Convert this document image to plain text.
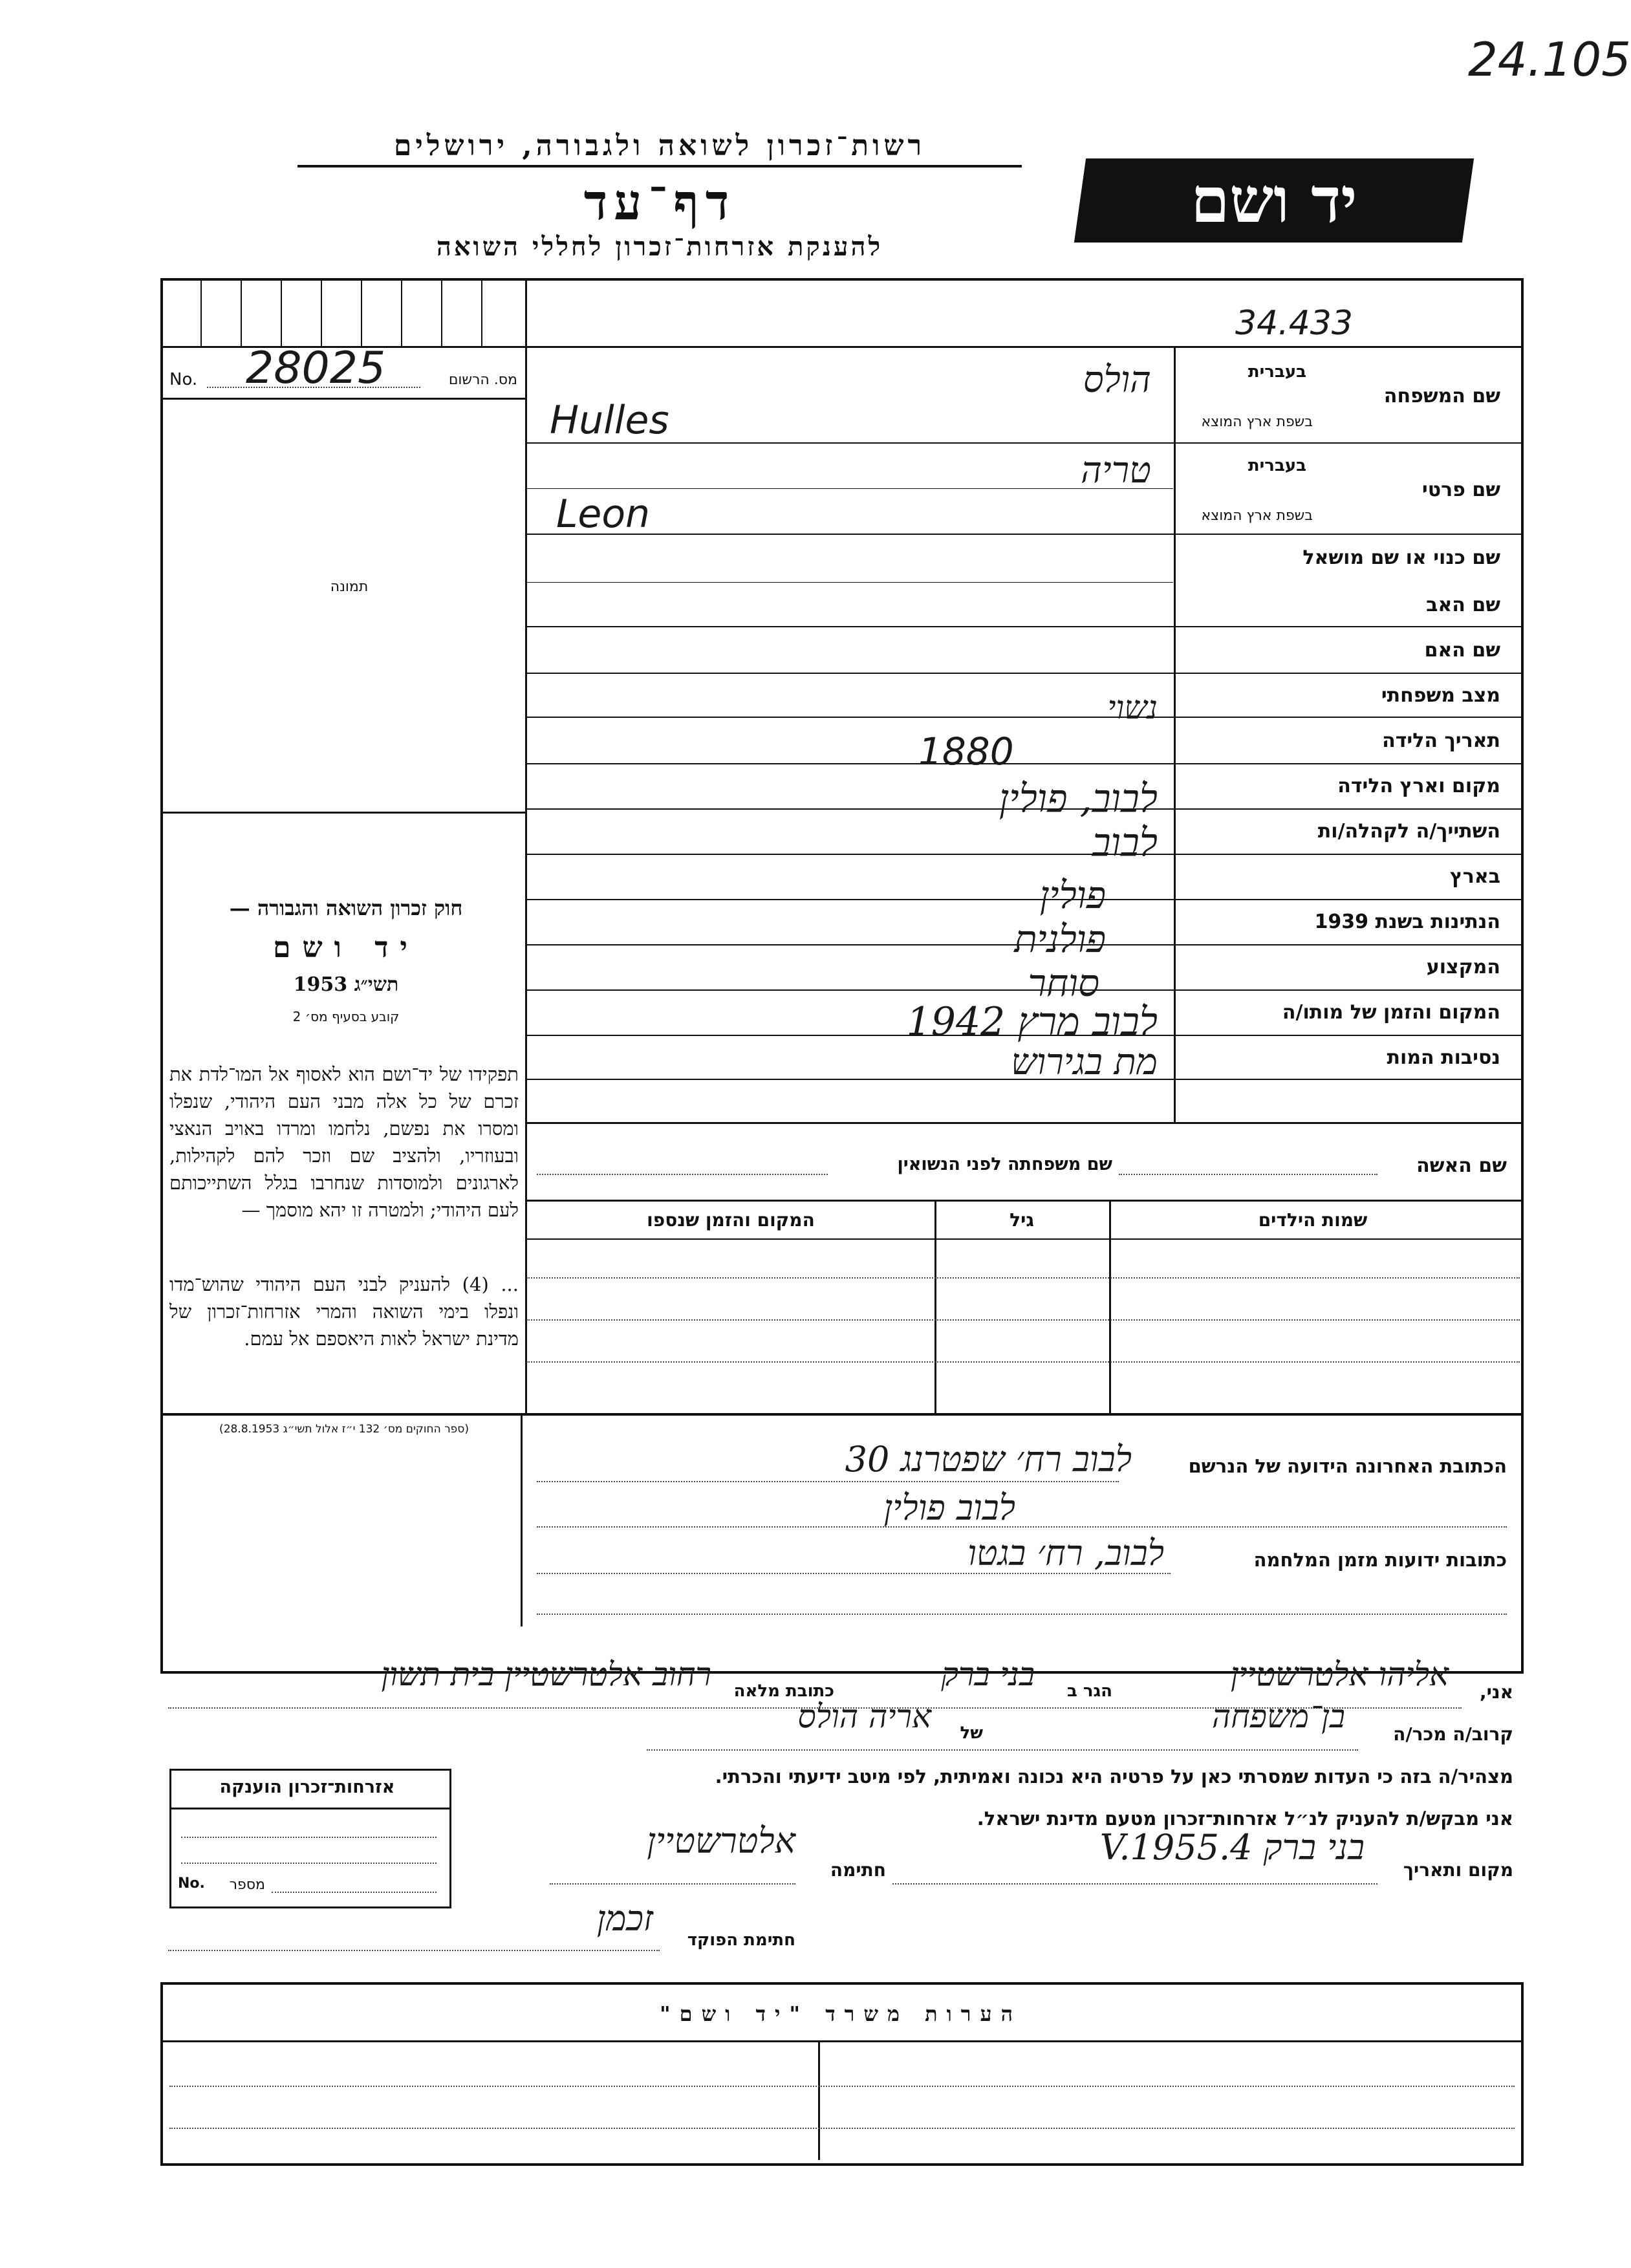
24.105
רשות־זכרון לשואה ולגבורה, ירושלים
דף־עד
להענקת אזרחות־זכרון לחללי השואה
יד ושם
34.433
No. 28025	מס. הרשום
תמונה
חוק זכרון השואה והגבורה —
יד ושם
תשי״ג 1953
קובע בסעיף מס׳ 2
תפקידו של יד־ושם הוא לאסוף אל המו־לדת את זכרם של כל אלה מבני העם היהודי, שנפלו ומסרו את נפשם, נלחמו ומרדו באויב הנאצי ובעוזריו, ולהציב שם וזכר להם לקהילות, לארגונים ולמוסדות שנחרבו בגלל השתייכותם לעם היהודי; ולמטרה זו יהא מוסמך —
... (4) להעניק לבני העם היהודי שהוש־מדו ונפלו בימי השואה והמרי אזרחות־זכרון של מדינת ישראל לאות היאספם אל עמם.
(ספר החוקים מס׳ 132 י״ז אלול תשי״ג 28.8.1953)
שם המשפחה
בעברית
בשפת ארץ המוצא
הולס
Hulles
שם פרטי
בעברית
בשפת ארץ המוצא
טריה
Leon
שם כנוי או שם מושאל
שם האב
שם האם
מצב משפחתי
נשוי
תאריך הלידה
1880
מקום וארץ הלידה
לבוב, פולין
השתייך/ה לקהלה/ות
לבוב
בארץ
פולין
הנתינות בשנת 1939
פולנית
המקצוע
סוחר
המקום והזמן של מותו/ה
לבוב מרץ 1942
נסיבות המות
מת בגירוש
שם האשה
שם משפחתה לפני הנשואין
שמות הילדים
גיל
המקום והזמן שנספו
הכתובת האחרונה הידועה של הנרשם
לבוב רח׳ שפטרנג 30
לבוב פולין
כתובות ידועות מזמן המלחמה
לבוב, רח׳ בגטו
אני,
אליהו אלטרשטיין
הגר ב
בני ברק
כתובת מלאה
רחוב אלטרשטיין בית תשון
קרוב/ה מכר/ה
בן־משפחה
של
אריה הולס
מצהיר/ה בזה כי העדות שמסרתי כאן על פרטיה היא נכונה ואמיתית, לפי מיטב ידיעתי והכרתי.
אני מבקש/ת להעניק לנ״ל אזרחות־זכרון מטעם מדינת ישראל.
מקום ותאריך
בני ברק 4.V.1955
חתימה
אלטרשטיין
חתימת הפוקד
זכמן
אזרחות־זכרון הוענקה
No.	מספר
הערות משרד "יד ושם"
